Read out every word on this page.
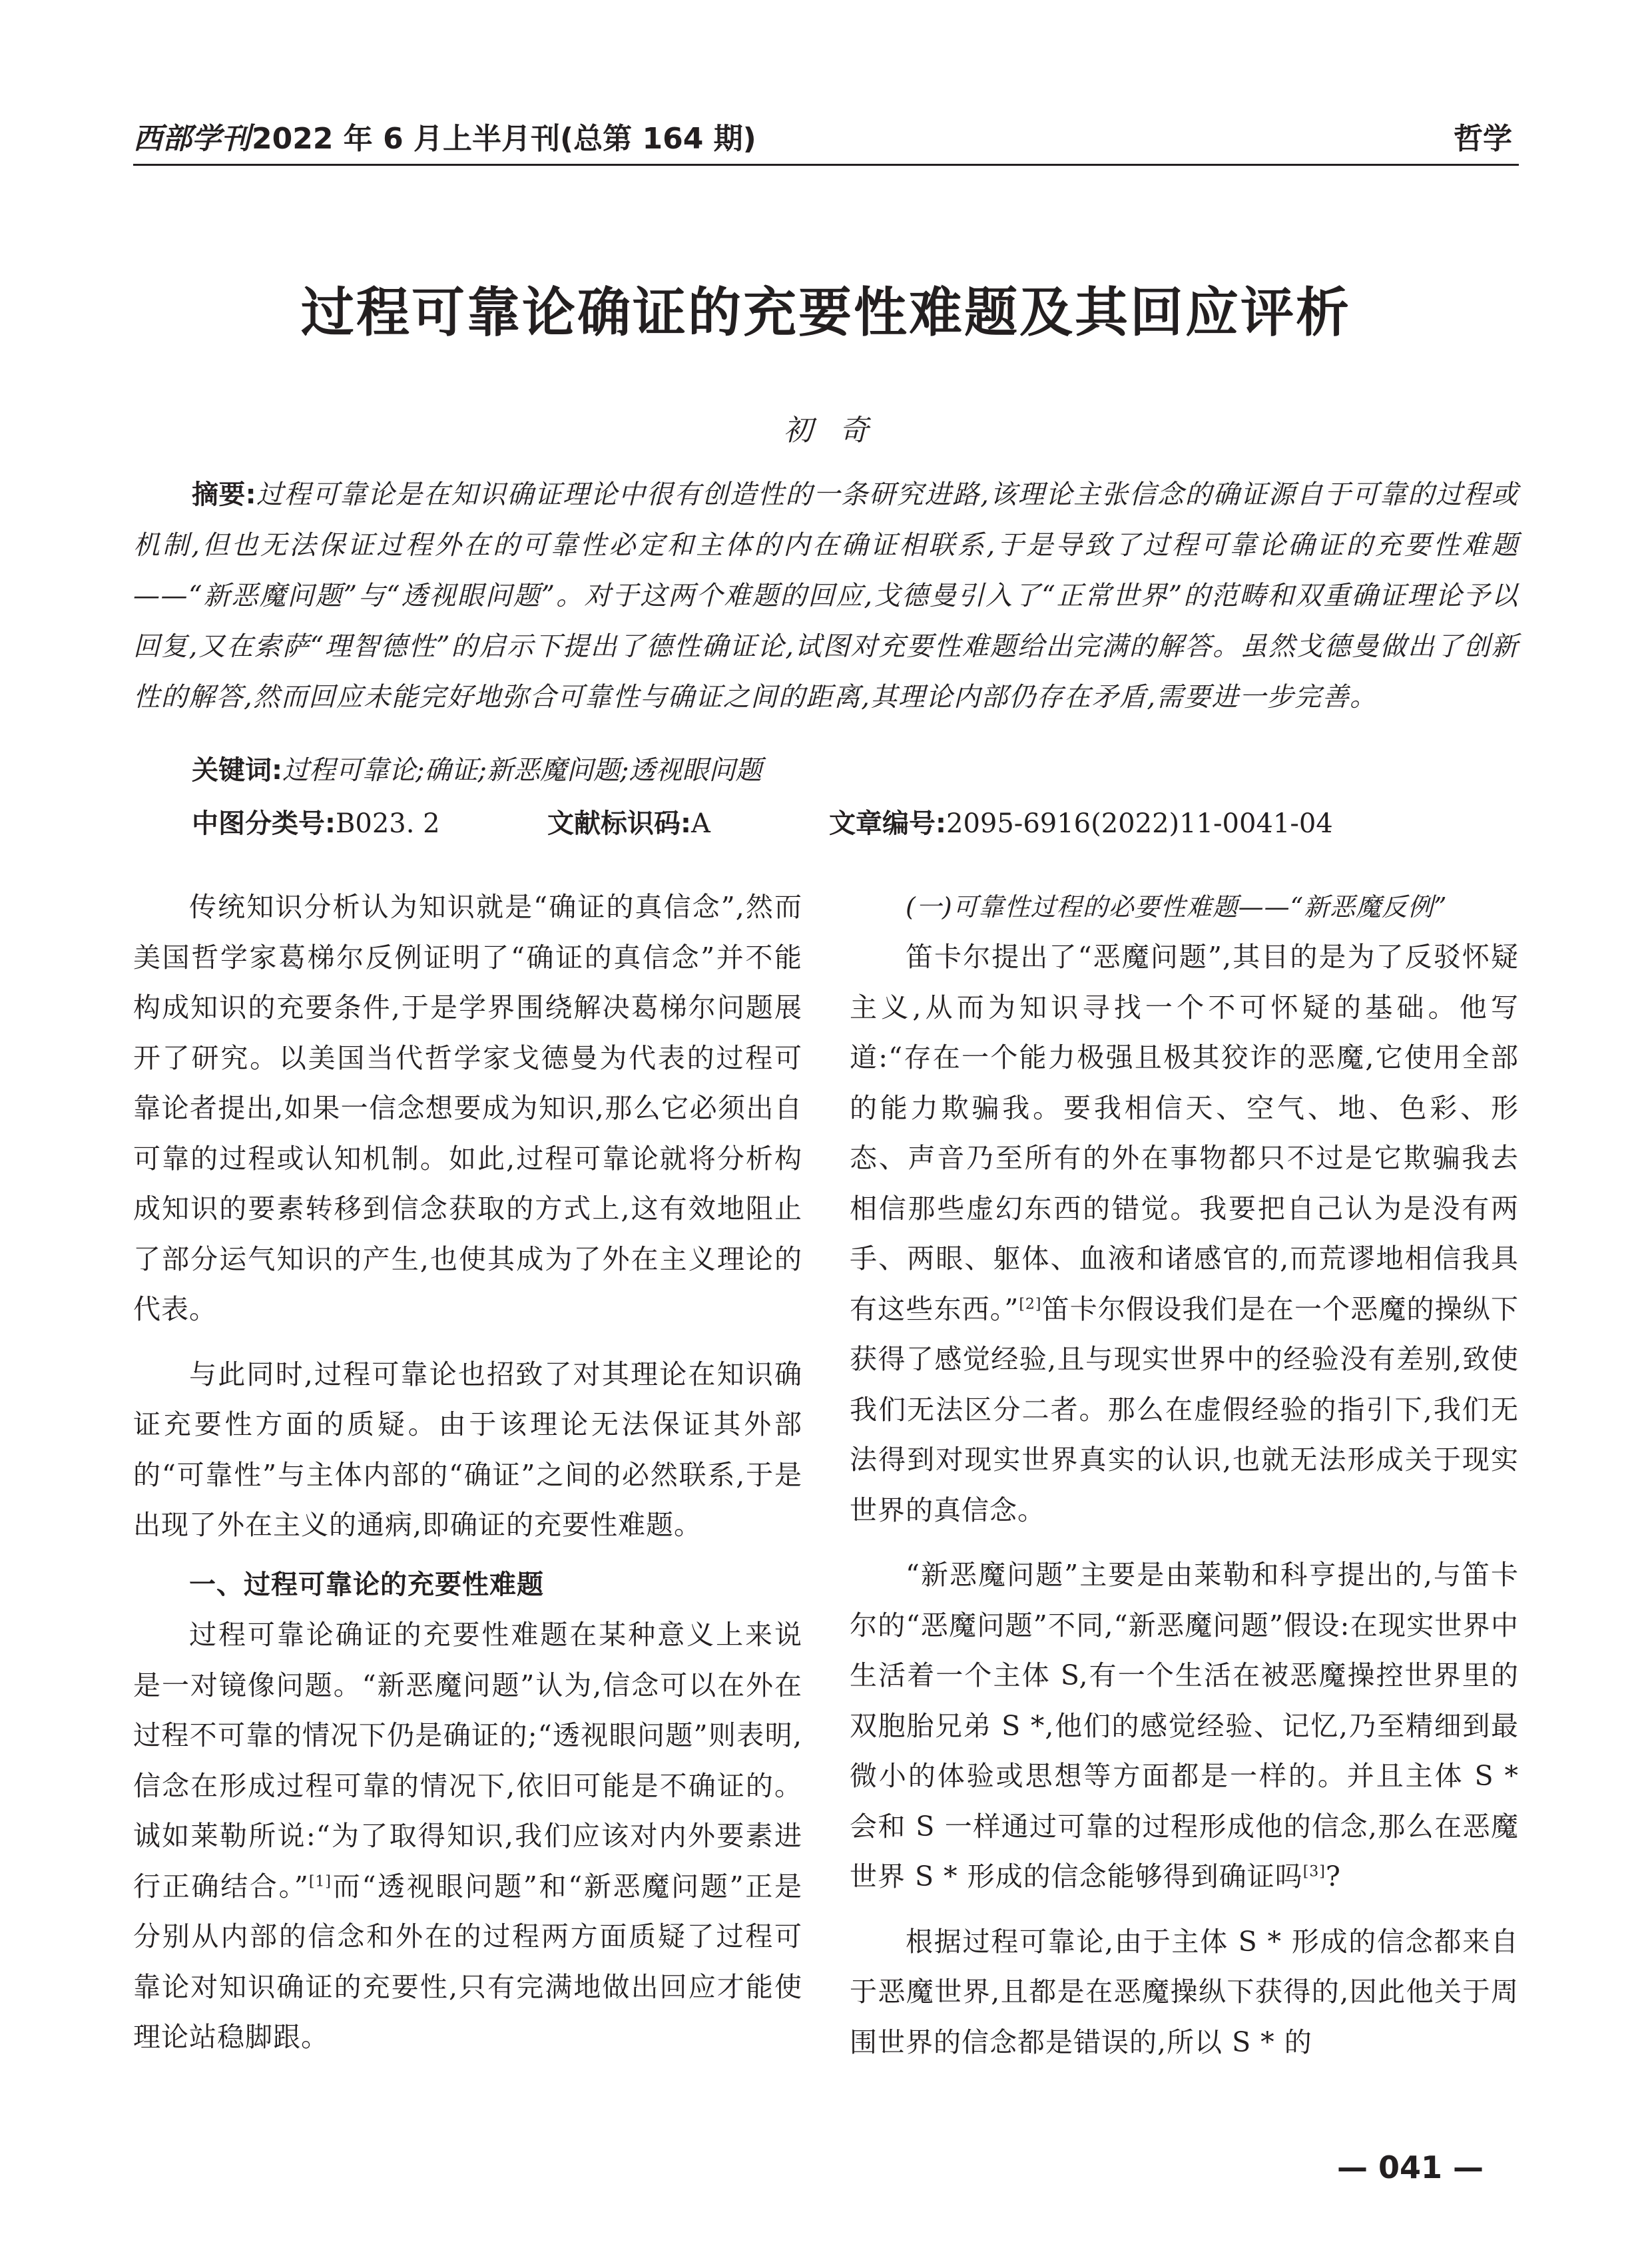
西部学刊2022 年 6 月上半月刊(总第 164 期)	哲学
过程可靠论确证的充要性难题及其回应评析
初奇
摘要:过程可靠论是在知识确证理论中很有创造性的一条研究进路,该理论主张信念的确证源自于可靠的过程或机制,但也无法保证过程外在的可靠性必定和主体的内在确证相联系,于是导致了过程可靠论确证的充要性难题——“新恶魔问题”与“透视眼问题”。对于这两个难题的回应,戈德曼引入了“正常世界”的范畴和双重确证理论予以回复,又在索萨“理智德性”的启示下提出了德性确证论,试图对充要性难题给出完满的解答。虽然戈德曼做出了创新性的解答,然而回应未能完好地弥合可靠性与确证之间的距离,其理论内部仍存在矛盾,需要进一步完善。
关键词:过程可靠论;确证;新恶魔问题;透视眼问题
中图分类号:B023. 2	文献标识码:A	文章编号:2095-6916(2022)11-0041-04

传统知识分析认为知识就是“确证的真信念”,然而美国哲学家葛梯尔反例证明了“确证的真信念”并不能构成知识的充要条件,于是学界围绕解决葛梯尔问题展开了研究。以美国当代哲学家戈德曼为代表的过程可靠论者提出,如果一信念想要成为知识,那么它必须出自可靠的过程或认知机制。如此,过程可靠论就将分析构成知识的要素转移到信念获取的方式上,这有效地阻止了部分运气知识的产生,也使其成为了外在主义理论的代表。

与此同时,过程可靠论也招致了对其理论在知识确证充要性方面的质疑。由于该理论无法保证其外部的“可靠性”与主体内部的“确证”之间的必然联系,于是出现了外在主义的通病,即确证的充要性难题。

一、过程可靠论的充要性难题

过程可靠论确证的充要性难题在某种意义上来说是一对镜像问题。“新恶魔问题”认为,信念可以在外在过程不可靠的情况下仍是确证的;“透视眼问题”则表明,信念在形成过程可靠的情况下,依旧可能是不确证的。诚如莱勒所说:“为了取得知识,我们应该对内外要素进行正确结合。”[1]而“透视眼问题”和“新恶魔问题”正是分别从内部的信念和外在的过程两方面质疑了过程可靠论对知识确证的充要性,只有完满地做出回应才能使理论站稳脚跟。

(一)可靠性过程的必要性难题——“新恶魔反例”

笛卡尔提出了“恶魔问题”,其目的是为了反驳怀疑主义,从而为知识寻找一个不可怀疑的基础。他写道:“存在一个能力极强且极其狡诈的恶魔,它使用全部的能力欺骗我。要我相信天、空气、地、色彩、形态、声音乃至所有的外在事物都只不过是它欺骗我去相信那些虚幻东西的错觉。我要把自己认为是没有两手、两眼、躯体、血液和诸感官的,而荒谬地相信我具有这些东西。”[2]笛卡尔假设我们是在一个恶魔的操纵下获得了感觉经验,且与现实世界中的经验没有差别,致使我们无法区分二者。那么在虚假经验的指引下,我们无法得到对现实世界真实的认识,也就无法形成关于现实世界的真信念。

“新恶魔问题”主要是由莱勒和科亨提出的,与笛卡尔的“恶魔问题”不同,“新恶魔问题”假设:在现实世界中生活着一个主体 S,有一个生活在被恶魔操控世界里的双胞胎兄弟 S *,他们的感觉经验、记忆,乃至精细到最微小的体验或思想等方面都是一样的。并且主体 S * 会和 S 一样通过可靠的过程形成他的信念,那么在恶魔世界 S * 形成的信念能够得到确证吗[3]?

根据过程可靠论,由于主体 S * 形成的信念都来自于恶魔世界,且都是在恶魔操纵下获得的,因此他关于周围世界的信念都是错误的,所以 S * 的

— 041 —
